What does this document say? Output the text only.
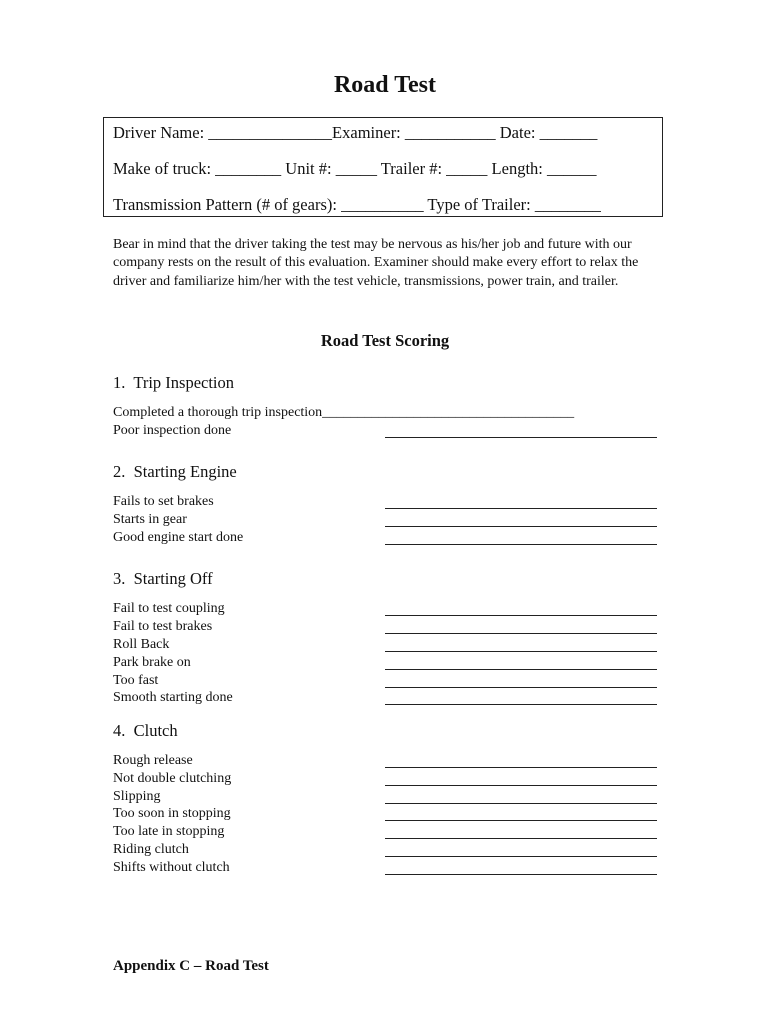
Road Test
Driver Name: _______________Examiner: ___________ Date: _______
Make of truck: ________ Unit #: _____ Trailer #: _____ Length: ______
Transmission Pattern (# of gears): __________ Type of Trailer: ________
Bear in mind that the driver taking the test may be nervous as his/her job and future with our company rests on the result of this evaluation. Examiner should make every effort to relax the driver and familiarize him/her with the test vehicle, transmissions, power train, and trailer.
Road Test Scoring
1.  Trip Inspection
Completed a thorough trip inspection____________________________________
Poor inspection done
2.  Starting Engine
Fails to set brakes
Starts in gear
Good engine start done
3.  Starting Off
Fail to test coupling
Fail to test brakes
Roll Back
Park brake on
Too fast
Smooth starting done
4.  Clutch
Rough release
Not double clutching
Slipping
Too soon in stopping
Too late in stopping
Riding clutch
Shifts without clutch
Appendix C – Road Test
